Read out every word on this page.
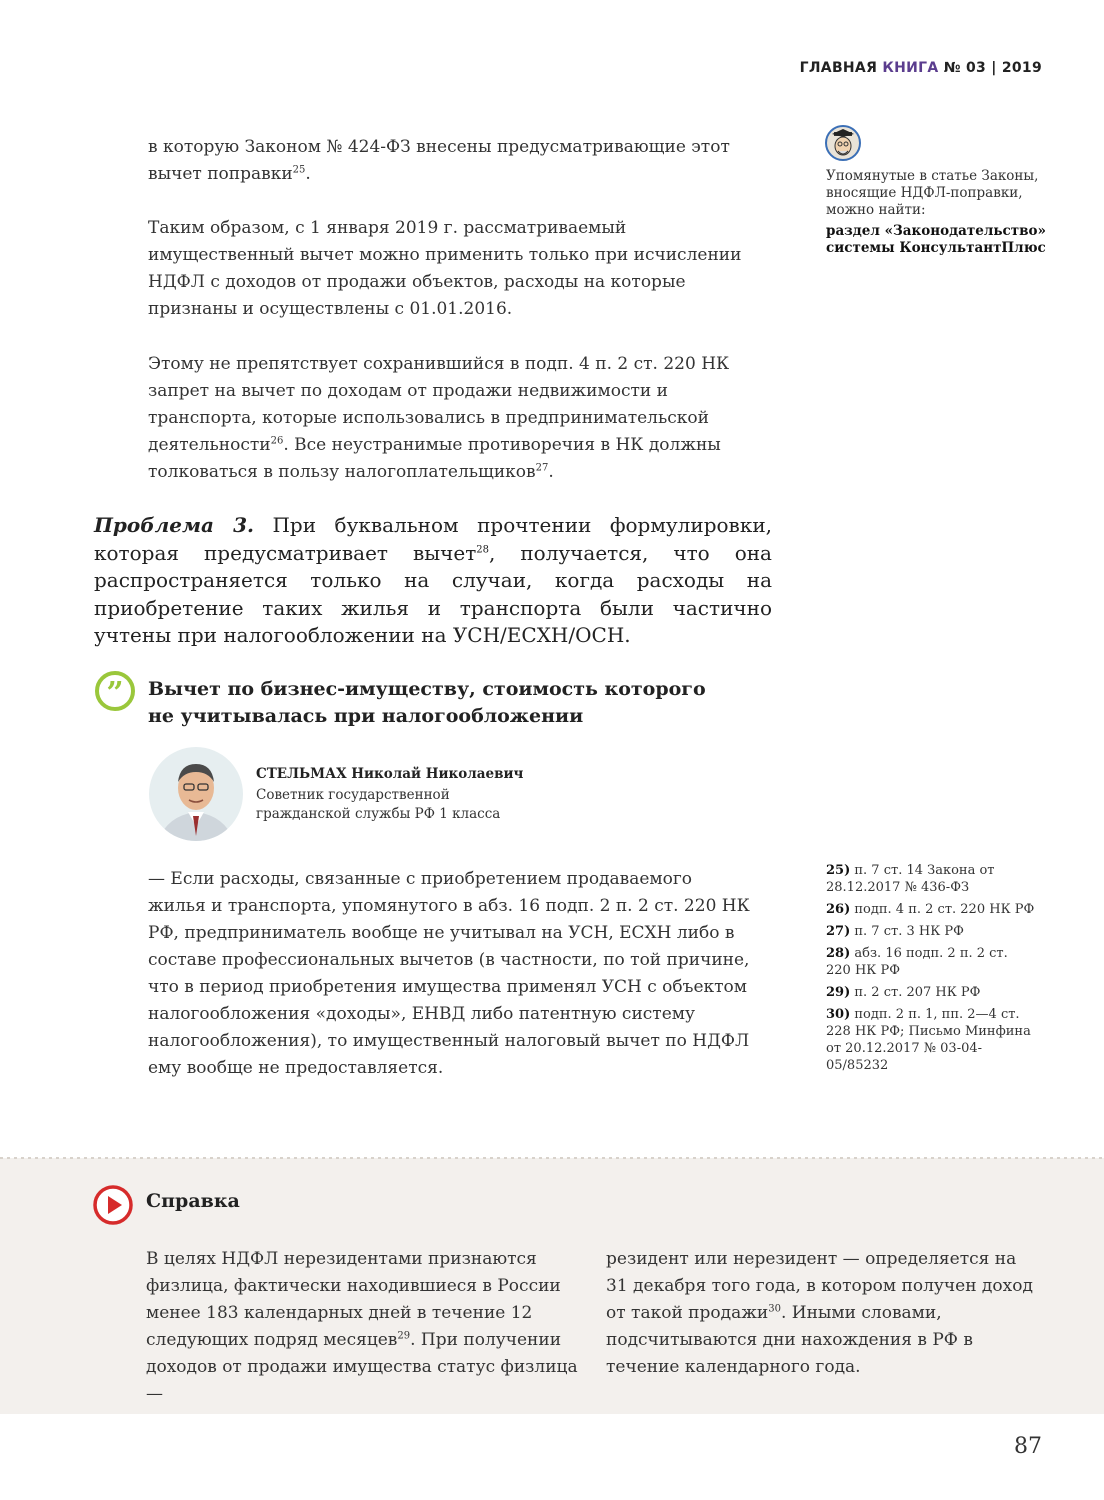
ГЛАВНАЯ КНИГА № 03 | 2019

в которую Законом № 424-ФЗ внесены предусматривающие этот вычет поправки$^{25}$.

Таким образом, с 1 января 2019 г. рассматриваемый имущественный вычет можно применить только при исчислении НДФЛ с доходов от продажи объектов, расходы на которые признаны и осуществлены с 01.01.2016.

Этому не препятствует сохранившийся в подп. 4 п. 2 ст. 220 НК запрет на вычет по доходам от продажи недвижимости и транспорта, которые использовались в предпринимательской деятельности$^{26}$. Все неустранимые противоречия в НК должны толковаться в пользу налогоплательщиков$^{27}$.

Проблема 3. При буквальном прочтении формулировки, которая предусматривает вычет$^{28}$, получается, что она распространяется только на случаи, когда расходы на приобретение таких жилья и транспорта были частично учтены при налогообложении на УСН/ЕСХН/ОСН.
Упомянутые в статье Законы, вносящие НДФЛ-поправки, можно найти:
раздел «Законодательство» системы КонсультантПлюс
” Вычет по бизнес-имуществу, стоимость которого
не учитывалась при налогообложении
СТЕЛЬМАХ Николай Николаевич
Советник государственной
гражданской службы РФ 1 класса

— Если расходы, связанные с приобретением продаваемого жилья и транспорта, упомянутого в абз. 16 подп. 2 п. 2 ст. 220 НК РФ, предприниматель вообще не учитывал на УСН, ЕСХН либо в составе профессиональных вычетов (в частности, по той причине, что в период приобретения имущества применял УСН с объектом налогообложения «доходы», ЕНВД либо патентную систему налогообложения), то имущественный налоговый вычет по НДФЛ ему вообще не предоставляется.

25) п. 7 ст. 14 Закона от 28.12.2017 № 436-ФЗ
26) подп. 4 п. 2 ст. 220 НК РФ
27) п. 7 ст. 3 НК РФ
28) абз. 16 подп. 2 п. 2 ст. 220 НК РФ
29) п. 2 ст. 207 НК РФ
30) подп. 2 п. 1, пп. 2—4 ст. 228 НК РФ; Письмо Минфина от 20.12.2017 № 03-04-05/85232
Справка
В целях НДФЛ нерезидентами признаются физлица, фактически находившиеся в России менее 183 календарных дней в течение 12 следующих подряд месяцев$^{29}$. При получении доходов от продажи имущества статус физлица —
резидент или нерезидент — определяется на 31 декабря того года, в котором получен доход от такой продажи$^{30}$. Иными словами, подсчитываются дни нахождения в РФ в течение календарного года.
87
